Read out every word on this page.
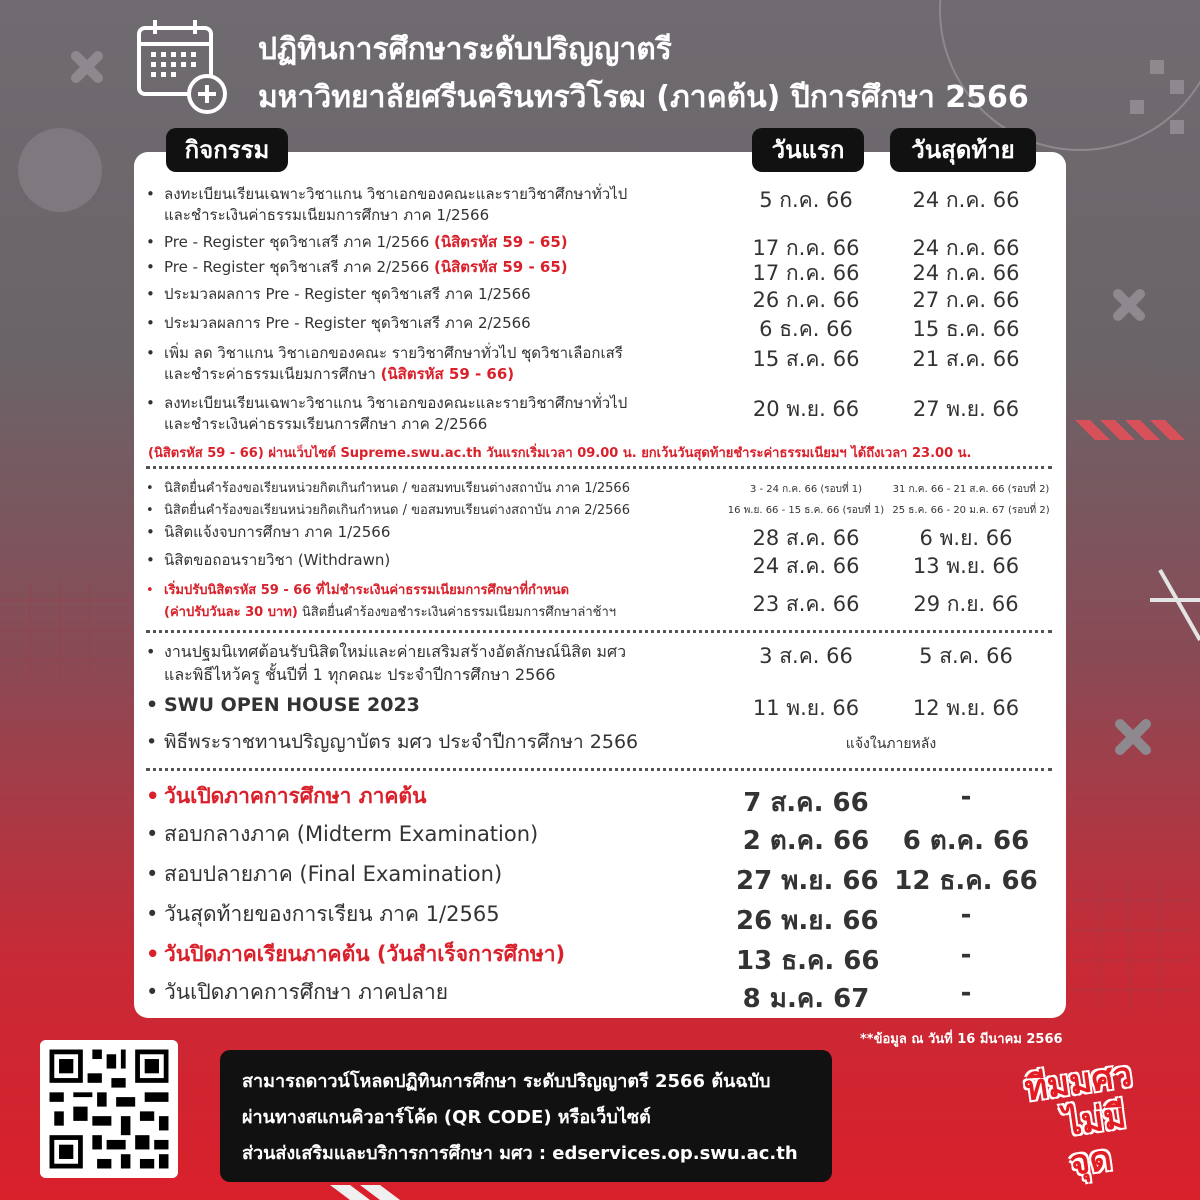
ปฏิทินการศึกษาระดับปริญญาตรี
มหาวิทยาลัยศรีนครินทรวิโรฒ (ภาคต้น) ปีการศึกษา 2566
กิจกรรม	วันแรก	วันสุดท้าย
• ลงทะเบียนเรียนเฉพาะวิชาแกน วิชาเอกของคณะและรายวิชาศึกษาทั่วไป
และชำระเงินค่าธรรมเนียมการศึกษา ภาค 1/2566
5 ก.ค. 66	24 ก.ค. 66
• Pre - Register ชุดวิชาเสรี ภาค 1/2566 (นิสิตรหัส 59 - 65)	17 ก.ค. 66	24 ก.ค. 66
• Pre - Register ชุดวิชาเสรี ภาค 2/2566 (นิสิตรหัส 59 - 65)	17 ก.ค. 66	24 ก.ค. 66
• ประมวลผลการ Pre - Register ชุดวิชาเสรี ภาค 1/2566	26 ก.ค. 66	27 ก.ค. 66
• ประมวลผลการ Pre - Register ชุดวิชาเสรี ภาค 2/2566	6 ธ.ค. 66	15 ธ.ค. 66
• เพิ่ม ลด วิชาแกน วิชาเอกของคณะ รายวิชาศึกษาทั่วไป ชุดวิชาเลือกเสรี
และชำระค่าธรรมเนียมการศึกษา (นิสิตรหัส 59 - 66)
15 ส.ค. 66	21 ส.ค. 66
• ลงทะเบียนเรียนเฉพาะวิชาแกน วิชาเอกของคณะและรายวิชาศึกษาทั่วไป
และชำระเงินค่าธรรมเรียนการศึกษา ภาค 2/2566
20 พ.ย. 66	27 พ.ย. 66
(นิสิตรหัส 59 - 66) ผ่านเว็บไซต์ Supreme.swu.ac.th วันแรกเริ่มเวลา 09.00 น. ยกเว้นวันสุดท้ายชำระค่าธรรมเนียมฯ ได้ถึงเวลา 23.00 น.
• นิสิตยื่นคำร้องขอเรียนหน่วยกิตเกินกำหนด / ขอสมทบเรียนต่างสถาบัน ภาค 1/2566	3 - 24 ก.ค. 66 (รอบที่ 1)	31 ก.ค. 66 - 21 ส.ค. 66 (รอบที่ 2)
• นิสิตยื่นคำร้องขอเรียนหน่วยกิตเกินกำหนด / ขอสมทบเรียนต่างสถาบัน ภาค 2/2566	16 พ.ย. 66 - 15 ธ.ค. 66 (รอบที่ 1) 25 ธ.ค. 66 - 20 ม.ค. 67 (รอบที่ 2)
• นิสิตแจ้งจบการศึกษา ภาค 1/2566	28 ส.ค. 66	6 พ.ย. 66
• นิสิตขอถอนรายวิชา (Withdrawn)	24 ส.ค. 66	13 พ.ย. 66
• เริ่มปรับนิสิตรหัส 59 - 66 ที่ไม่ชำระเงินค่าธรรมเนียมการศึกษาที่กำหนด
(ค่าปรับวันละ 30 บาท) นิสิตยื่นคำร้องขอชำระเงินค่าธรรมเนียมการศึกษาล่าช้าฯ	23 ส.ค. 66	29 ก.ย. 66
• งานปฐมนิเทศต้อนรับนิสิตใหม่และค่ายเสริมสร้างอัตลักษณ์นิสิต มศว
และพิธีไหว้ครู ชั้นปีที่ 1 ทุกคณะ ประจำปีการศึกษา 2566
3 ส.ค. 66	5 ส.ค. 66
• SWU OPEN HOUSE 2023	11 พ.ย. 66	12 พ.ย. 66
• พิธีพระราชทานปริญญาบัตร มศว ประจำปีการศึกษา 2566	แจ้งในภายหลัง
• วันเปิดภาคการศึกษา ภาคต้น	7 ส.ค. 66	-
• สอบกลางภาค (Midterm Examination)	2 ต.ค. 66	6 ต.ค. 66
• สอบปลายภาค (Final Examination)	27 พ.ย. 66 12 ธ.ค. 66
• วันสุดท้ายของการเรียน ภาค 1/2565	26 พ.ย. 66	-
• วันปิดภาคเรียนภาคต้น (วันสำเร็จการศึกษา)	13 ธ.ค. 66	-
• วันเปิดภาคการศึกษา ภาคปลาย	8 ม.ค. 67	-
**ข้อมูล ณ วันที่ 16 มีนาคม 2566
สามารถดาวน์โหลดปฏิทินการศึกษา ระดับปริญญาตรี 2566 ต้นฉบับ
ผ่านทางสแกนคิวอาร์โค้ด (QR CODE) หรือเว็บไซต์
ส่วนส่งเสริมและบริการการศึกษา มศว : edservices.op.swu.ac.th
ทีมมศว
ไม่มีจุด
